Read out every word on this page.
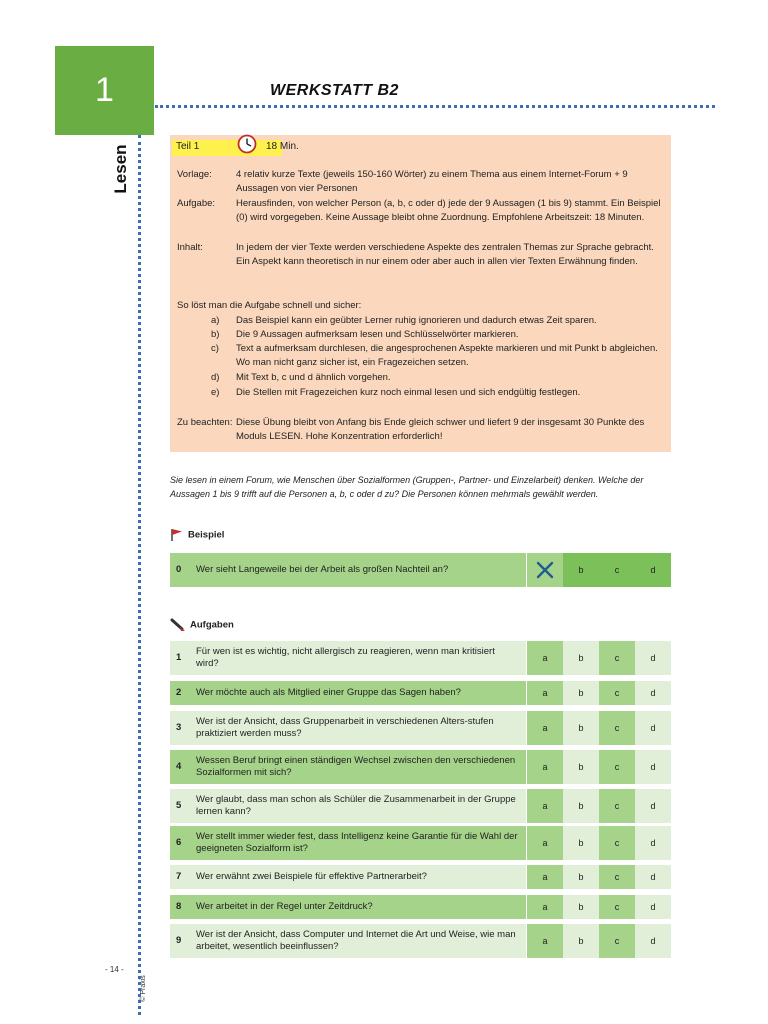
1	WERKSTATT B2
Lesen
- 14 -
© Praxis
Teil 1	18 Min.
Vorlage:	4 relativ kurze Texte (jeweils 150-160 Wörter) zu einem Thema aus einem Internet-Forum + 9 Aussagen von vier Personen
Aufgabe: Herausfinden, von welcher Person (a, b, c oder d) jede der 9 Aussagen (1 bis 9) stammt. Ein Beispiel (0) wird vorgegeben. Keine Aussage bleibt ohne Zuordnung. Empfohlene Arbeitszeit: 18 Minuten.
Inhalt:	In jedem der vier Texte werden verschiedene Aspekte des zentralen Themas zur Sprache gebracht. Ein Aspekt kann theoretisch in nur einem oder aber auch in allen vier Texten Erwähnung finden.
So löst man die Aufgabe schnell und sicher:
a) Das Beispiel kann ein geübter Lerner ruhig ignorieren und dadurch etwas Zeit sparen.
b) Die 9 Aussagen aufmerksam lesen und Schlüsselwörter markieren.
c) Text a aufmerksam durchlesen, die angesprochenen Aspekte markieren und mit Punkt b abgleichen. Wo man nicht ganz sicher ist, ein Fragezeichen setzen.
d) Mit Text b, c und d ähnlich vorgehen.
e) Die Stellen mit Fragezeichen kurz noch einmal lesen und sich endgültig festlegen.
Zu beachten: Diese Übung bleibt von Anfang bis Ende gleich schwer und liefert 9 der insgesamt 30 Punkte des Moduls LESEN. Hohe Konzentration erforderlich!
Sie lesen in einem Forum, wie Menschen über Sozialformen (Gruppen-, Partner- und Einzelarbeit) denken. Welche der Aussagen 1 bis 9 trifft auf die Personen a, b, c oder d zu? Die Personen können mehrmals gewählt werden.
Beispiel
0	Wer sieht Langeweile bei der Arbeit als großen Nachteil an?	b	c	d
Aufgaben
1
Für wen ist es wichtig, nicht allergisch zu reagieren, wenn man kritisiert wird?	a	b	c	d
2	Wer möchte auch als Mitglied einer Gruppe das Sagen haben?	a	b	c	d
3
Wer ist der Ansicht, dass Gruppenarbeit in verschiedenen Alters-stufen praktiziert werden muss?	a	b	c	d
4
Wessen Beruf bringt einen ständigen Wechsel zwischen den verschiedenen Sozialformen mit sich?	a	b	c	d
5
Wer glaubt, dass man schon als Schüler die Zusammenarbeit in der Gruppe lernen kann?	a	b	c	d
6
Wer stellt immer wieder fest, dass Intelligenz keine Garantie für die Wahl der geeigneten Sozialform ist?	a	b	c	d
7	Wer erwähnt zwei Beispiele für effektive Partnerarbeit?	a	b	c	d
8	Wer arbeitet in der Regel unter Zeitdruck?	a	b	c	d
9
Wer ist der Ansicht, dass Computer und Internet die Art und Weise, wie man arbeitet, wesentlich beeinflussen?	a	b	c	d
